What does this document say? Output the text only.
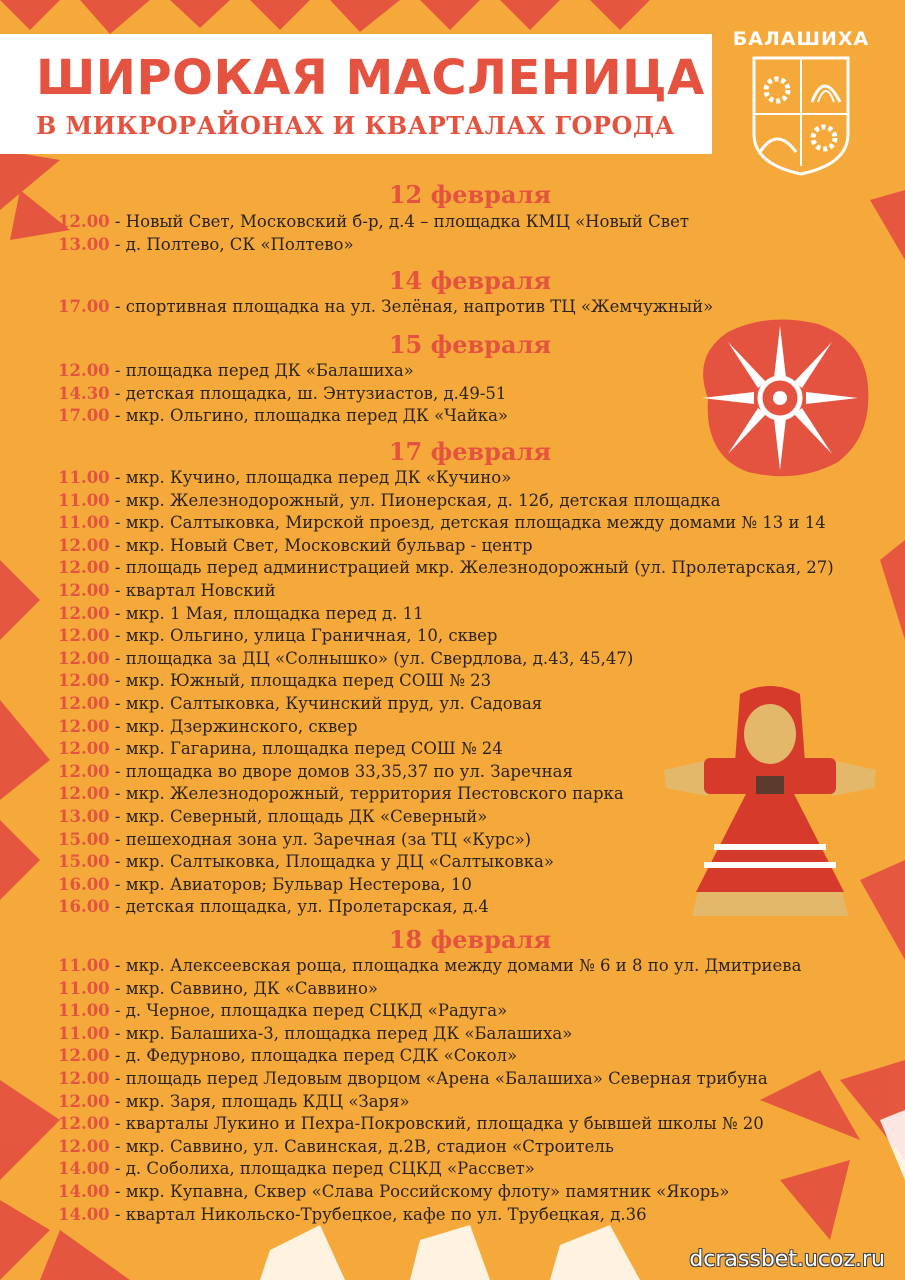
ШИРОКАЯ МАСЛЕНИЦА
В МИКРОРАЙОНАХ И КВАРТАЛАХ ГОРОДА
БАЛАШИХА
12 февраля
12.00 - Новый Свет, Московский б-р, д.4 – площадка КМЦ «Новый Свет
13.00 - д. Полтево, СК «Полтево»
14 февраля
17.00 - спортивная площадка на ул. Зелёная, напротив ТЦ «Жемчужный»
15 февраля
12.00 - площадка перед ДК «Балашиха»
14.30 - детская площадка, ш. Энтузиастов, д.49-51
17.00 - мкр. Ольгино, площадка перед ДК «Чайка»
17 февраля
11.00 - мкр. Кучино, площадка перед ДК «Кучино»
11.00 - мкр. Железнодорожный, ул. Пионерская, д. 12б, детская площадка
11.00 - мкр. Салтыковка, Мирской проезд, детская площадка между домами № 13 и 14
12.00 - мкр. Новый Свет, Московский бульвар - центр
12.00 - площадь перед администрацией мкр. Железнодорожный (ул. Пролетарская, 27)
12.00 - квартал Новский
12.00 - мкр. 1 Мая, площадка перед д. 11
12.00 - мкр. Ольгино, улица Граничная, 10, сквер
12.00 - площадка за ДЦ «Солнышко» (ул. Свердлова, д.43, 45,47)
12.00 - мкр. Южный, площадка перед СОШ № 23
12.00 - мкр. Салтыковка, Кучинский пруд, ул. Садовая
12.00 - мкр. Дзержинского, сквер
12.00 - мкр. Гагарина, площадка перед СОШ № 24
12.00 - площадка во дворе домов 33,35,37 по ул. Заречная
12.00 - мкр. Железнодорожный, территория Пестовского парка
13.00 - мкр. Северный, площадь ДК «Северный»
15.00 - пешеходная зона ул. Заречная (за ТЦ «Курс»)
15.00 - мкр. Салтыковка, Площадка у ДЦ «Салтыковка»
16.00 - мкр. Авиаторов; Бульвар Нестерова, 10
16.00 - детская площадка, ул. Пролетарская, д.4
18 февраля
11.00 - мкр. Алексеевская роща, площадка между домами № 6 и 8 по ул. Дмитриева
11.00 - мкр. Саввино, ДК «Саввино»
11.00 - д. Черное, площадка перед СЦКД «Радуга»
11.00 - мкр. Балашиха-3, площадка перед ДК «Балашиха»
12.00 - д. Федурново, площадка перед СДК «Сокол»
12.00 - площадь перед Ледовым дворцом «Арена «Балашиха» Северная трибуна
12.00 - мкр. Заря, площадь КДЦ «Заря»
12.00 - кварталы Лукино и Пехра-Покровский, площадка у бывшей школы № 20
12.00 - мкр. Саввино, ул. Савинская, д.2В, стадион «Строитель
14.00 - д. Соболиха, площадка перед СЦКД «Рассвет»
14.00 - мкр. Купавна, Сквер «Слава Российскому флоту» памятник «Якорь»
14.00 - квартал Никольско-Трубецкое, кафе по ул. Трубецкая, д.36
dcrassbet.ucoz.ru
